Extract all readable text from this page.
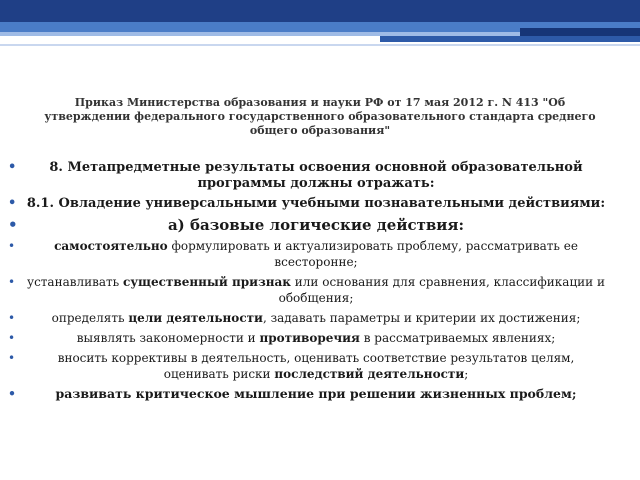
Приказ Министерства образования и науки РФ от 17 мая 2012 г. N 413 "Об утверждении федерального государственного образовательного стандарта среднего общего образования"
•	8. Метапредметные результаты освоения основной образовательной программы должны отражать:
• 8.1. Овладение универсальными учебными познавательными действиями:
•	а) базовые логические действия:
•	самостоятельно формулировать и актуализировать проблему, рассматривать ее всесторонне;
• устанавливать существенный признак или основания для сравнения, классификации и обобщения;
•	определять цели деятельности, задавать параметры и критерии их достижения;
•	выявлять закономерности и противоречия в рассматриваемых явлениях;
•	вносить коррективы в деятельность, оценивать соответствие результатов целям, оценивать риски последствий деятельности;
•	развивать критическое мышление при решении жизненных проблем;
